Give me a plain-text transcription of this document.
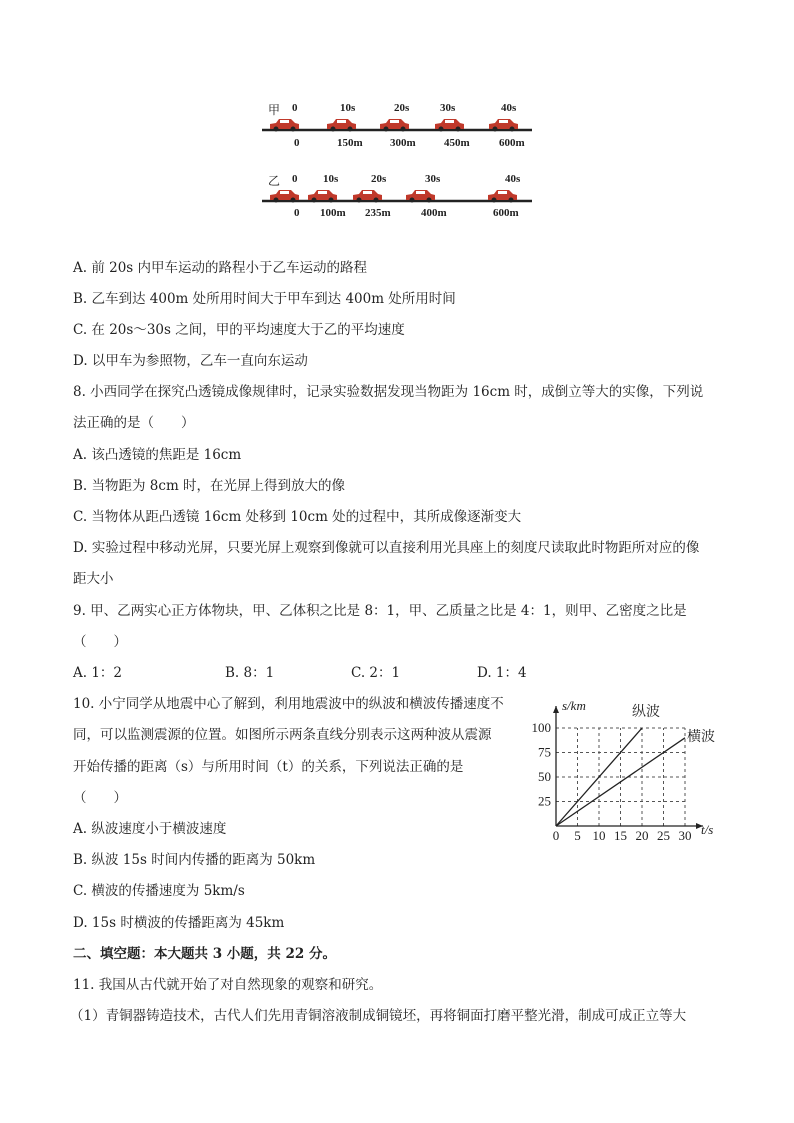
甲 0	10s	20s	30s	40s
0	150m 300m	450m	600m
乙 0 10s	20s	30s	40s
0 100m 235m	400m	600m
A. 前 20s 内甲车运动的路程小于乙车运动的路程
B. 乙车到达 400m 处所用时间大于甲车到达 400m 处所用时间
C. 在 20s～30s 之间，甲的平均速度大于乙的平均速度
D. 以甲车为参照物，乙车一直向东运动
8. 小西同学在探究凸透镜成像规律时，记录实验数据发现当物距为 16cm 时，成倒立等大的实像，下列说
法正确的是（　　）
A. 该凸透镜的焦距是 16cm
B. 当物距为 8cm 时，在光屏上得到放大的像
C. 当物体从距凸透镜 16cm 处移到 10cm 处的过程中，其所成像逐渐变大
D. 实验过程中移动光屏，只要光屏上观察到像就可以直接利用光具座上的刻度尺读取此时物距所对应的像
距大小
9. 甲、乙两实心正方体物块，甲、乙体积之比是 8：1，甲、乙质量之比是 4：1，则甲、乙密度之比是
（　　）
A. 1：2	B. 8：1	C. 2：1	D. 1：4
10. 小宁同学从地震中心了解到，利用地震波中的纵波和横波传播速度不
同，可以监测震源的位置。如图所示两条直线分别表示这两种波从震源
开始传播的距离（s）与所用时间（t）的关系，下列说法正确的是
（　　）
A. 纵波速度小于横波速度
B. 纵波 15s 时间内传播的距离为 50km
C. 横波的传播速度为 5km/s
D. 15s 时横波的传播距离为 45km
0 5 10 15 20 25 30
25
50
75
100
s/km
t/s
纵波
横波
二、填空题：本大题共 3 小题，共 22 分。
11. 我国从古代就开始了对自然现象的观察和研究。
（1）青铜器铸造技术，古代人们先用青铜溶液制成铜镜坯，再将铜面打磨平整光滑，制成可成正立等大
